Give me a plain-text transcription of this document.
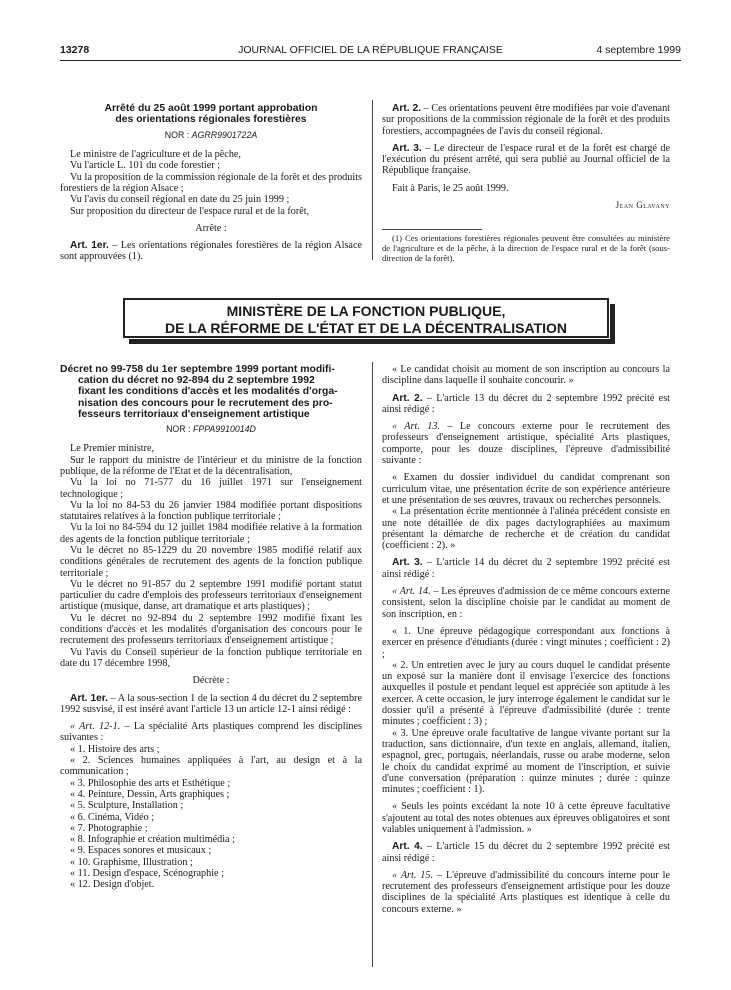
13278	JOURNAL OFFICIEL DE LA RÉPUBLIQUE FRANÇAISE	4 septembre 1999
Arrêté du 25 août 1999 portant approbation
des orientations régionales forestières
NOR : AGRR9901722A

Le ministre de l'agriculture et de la pêche,

Vu l'article L. 101 du code forestier ;

Vu la proposition de la commission régionale de la forêt et des produits forestiers de la région Alsace ;

Vu l'avis du conseil régional en date du 25 juin 1999 ;

Sur proposition du directeur de l'espace rural et de la forêt,

Arrête :

Art. 1er. – Les orientations régionales forestières de la région Alsace sont approuvées (1).

Art. 2. – Ces orientations peuvent être modifiées par voie d'avenant sur propositions de la commission régionale de la forêt et des produits forestiers, accompagnées de l'avis du conseil régional.

Art. 3. – Le directeur de l'espace rural et de la forêt est chargé de l'exécution du présent arrêté, qui sera publié au Journal officiel de la République française.

Fait à Paris, le 25 août 1999.

Jean Glavany

(1) Ces orientations forestières régionales peuvent être consultées au ministère de l'agriculture et de la pêche, à la direction de l'espace rural et de la forêt (sous-direction de la forêt).

MINISTÈRE DE LA FONCTION PUBLIQUE,
DE LA RÉFORME DE L'ÉTAT ET DE LA DÉCENTRALISATION
Décret no 99-758 du 1er septembre 1999 portant modifi-
cation du décret no 92-894 du 2 septembre 1992
fixant les conditions d'accès et les modalités d'orga-
nisation des concours pour le recrutement des pro-
fesseurs territoriaux d'enseignement artistique
NOR : FPPA9910014D

Le Premier ministre,

Sur le rapport du ministre de l'intérieur et du ministre de la fonction publique, de la réforme de l'Etat et de la décentralisation,

Vu la loi no 71-577 du 16 juillet 1971 sur l'enseignement technologique ;

Vu la loi no 84-53 du 26 janvier 1984 modifiée portant dispositions statutaires relatives à la fonction publique territoriale ;

Vu la loi no 84-594 du 12 juillet 1984 modifiée relative à la formation des agents de la fonction publique territoriale ;

Vu le décret no 85-1229 du 20 novembre 1985 modifié relatif aux conditions générales de recrutement des agents de la fonction publique territoriale ;

Vu le décret no 91-857 du 2 septembre 1991 modifié portant statut particulier du cadre d'emplois des professeurs territoriaux d'enseignement artistique (musique, danse, art dramatique et arts plastiques) ;

Vu le décret no 92-894 du 2 septembre 1992 modifié fixant les conditions d'accès et les modalités d'organisation des concours pour le recrutement des professeurs territoriaux d'enseignement artistique ;

Vu l'avis du Conseil supérieur de la fonction publique territoriale en date du 17 décembre 1998,

Décrète :

Art. 1er. – A la sous-section 1 de la section 4 du décret du 2 septembre 1992 susvisé, il est inséré avant l'article 13 un article 12-1 ainsi rédigé :

« Art. 12-1. – La spécialité Arts plastiques comprend les disciplines suivantes :

« 1. Histoire des arts ;

« 2. Sciences humaines appliquées à l'art, au design et à la communication ;

« 3. Philosophie des arts et Esthétique ;

« 4. Peinture, Dessin, Arts graphiques ;

« 5. Sculpture, Installation ;

« 6. Cinéma, Vidéo ;

« 7. Photographie ;

« 8. Infographie et création multimédia ;

« 9. Espaces sonores et musicaux ;

« 10. Graphisme, Illustration ;

« 11. Design d'espace, Scénographie ;

« 12. Design d'objet.

« Le candidat choisit au moment de son inscription au concours la discipline dans laquelle il souhaite concourir. »

Art. 2. – L'article 13 du décret du 2 septembre 1992 précité est ainsi rédigé :

« Art. 13. – Le concours externe pour le recrutement des professeurs d'enseignement artistique, spécialité Arts plastiques, comporte, pour les douze disciplines, l'épreuve d'admissibilité suivante :

« Examen du dossier individuel du candidat comprenant son curriculum vitae, une présentation écrite de son expérience antérieure et une présentation de ses œuvres, travaux ou recherches personnels.

« La présentation écrite mentionnée à l'alinéa précédent consiste en une note détaillée de dix pages dactylographiées au maximum présentant la démarche de recherche et de création du candidat (coefficient : 2). »

Art. 3. – L'article 14 du décret du 2 septembre 1992 précité est ainsi rédigé :

« Art. 14. – Les épreuves d'admission de ce même concours externe consistent, selon la discipline choisie par le candidat au moment de son inscription, en :

« 1. Une épreuve pédagogique correspondant aux fonctions à exercer en présence d'étudiants (durée : vingt minutes ; coefficient : 2) ;

« 2. Un entretien avec le jury au cours duquel le candidat présente un exposé sur la manière dont il envisage l'exercice des fonctions auxquelles il postule et pendant lequel est appréciée son aptitude à les exercer. A cette occasion, le jury interroge également le candidat sur le dossier qu'il a présenté à l'épreuve d'admissibilité (durée : trente minutes ; coefficient : 3) ;

« 3. Une épreuve orale facultative de langue vivante portant sur la traduction, sans dictionnaire, d'un texte en anglais, allemand, italien, espagnol, grec, portugais, néerlandais, russe ou arabe moderne, selon le choix du candidat exprimé au moment de l'inscription, et suivie d'une conversation (préparation : quinze minutes ; durée : quinze minutes ; coefficient : 1).

« Seuls les points excédant la note 10 à cette épreuve facultative s'ajoutent au total des notes obtenues aux épreuves obligatoires et sont valables uniquement à l'admission. »

Art. 4. – L'article 15 du décret du 2 septembre 1992 précité est ainsi rédigé :

« Art. 15. – L'épreuve d'admissibilité du concours interne pour le recrutement des professeurs d'enseignement artistique pour les douze disciplines de la spécialité Arts plastiques est identique à celle du concours externe. »
